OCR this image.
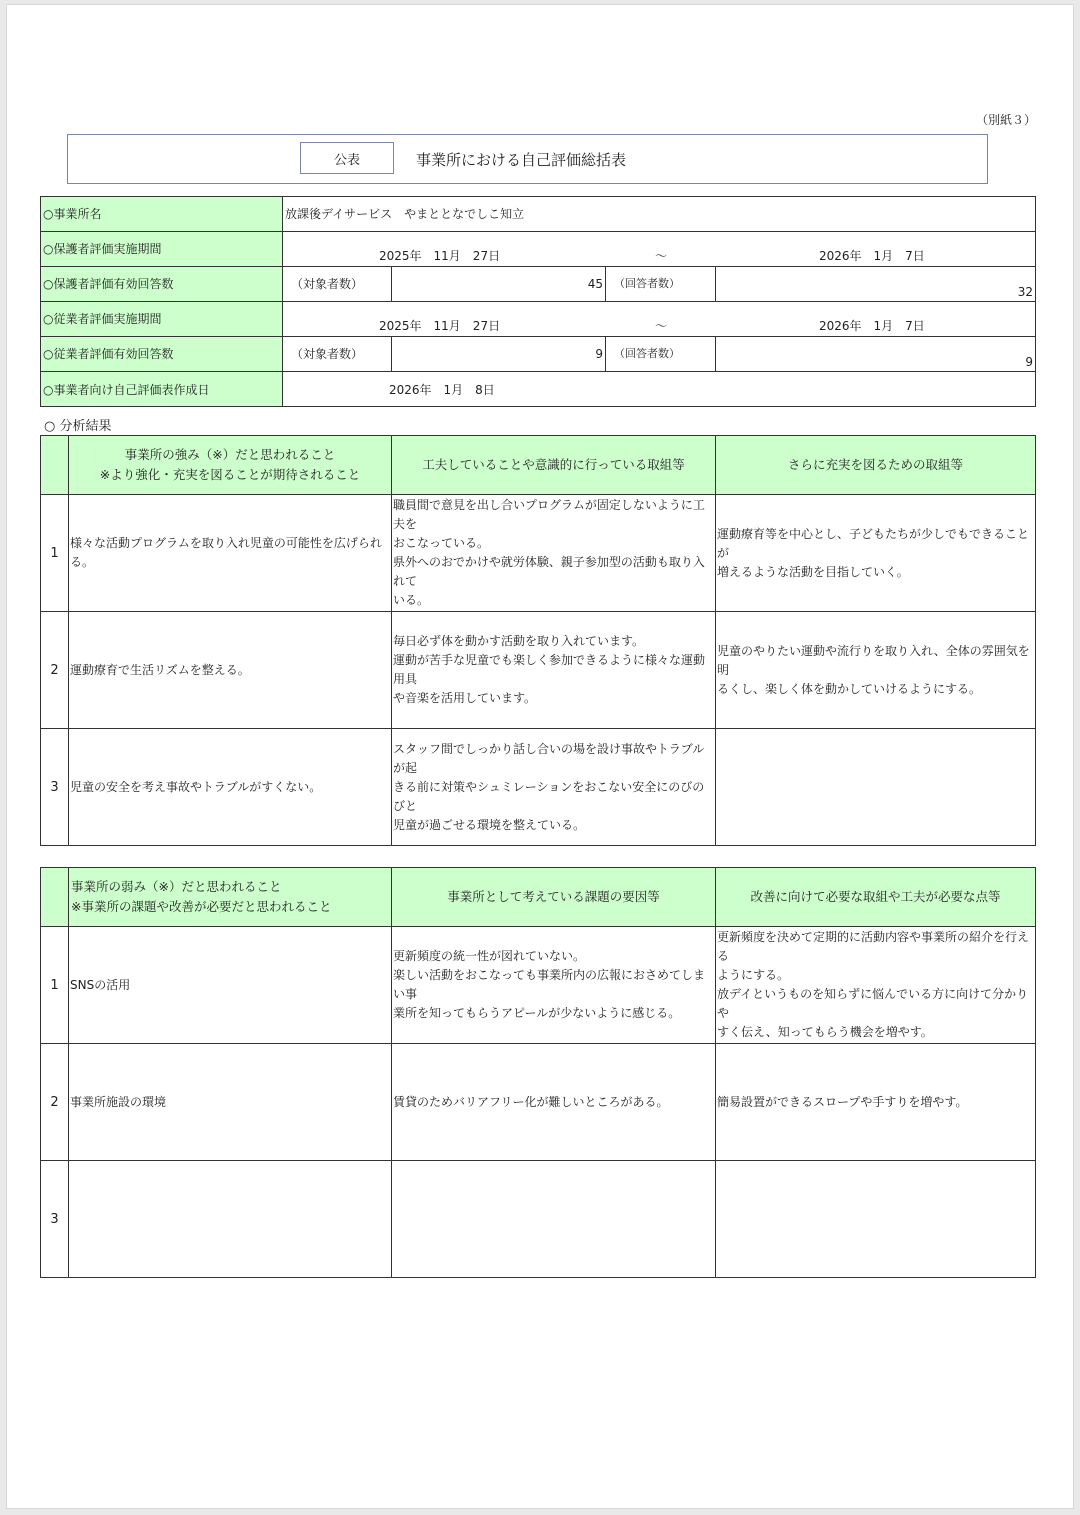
（別紙３）
公表	事業所における自己評価総括表
○事業所名	放課後デイサービス　やまととなでしこ知立			
○保護者評価実施期間	2025年　11月　27日 ～ 2026年　1月　7日			

○保護者評価有効回答数	（対象者数）	45	（回答者数）	32
○従業者評価実施期間	2025年　11月　27日 ～ 2026年　1月　7日			

○従業者評価有効回答数	（対象者数）	9	（回答者数）	9
○事業者向け自己評価表作成日	2026年　1月　8日			
○ 分析結果
	事業所の強み（※）だと思われること
※より強化・充実を図ることが期待されること	工夫していることや意識的に行っている取組等	さらに充実を図るための取組等
1	様々な活動プログラムを取り入れ児童の可能性を広げられる。	職員間で意見を出し合いプログラムが固定しないように工夫を
おこなっている。
県外へのおでかけや就労体験、親子参加型の活動も取り入れて
いる。	運動療育等を中心とし、子どもたちが少しでもできることが
増えるような活動を目指していく。
2	運動療育で生活リズムを整える。	毎日必ず体を動かす活動を取り入れています。
運動が苦手な児童でも楽しく参加できるように様々な運動用具
や音楽を活用しています。	児童のやりたい運動や流行りを取り入れ、全体の雰囲気を明
るくし、楽しく体を動かしていけるようにする。
3	児童の安全を考え事故やトラブルがすくない。	スタッフ間でしっかり話し合いの場を設け事故やトラブルが起
きる前に対策やシュミレーションをおこない安全にのびのびと
児童が過ごせる環境を整えている。	
	事業所の弱み（※）だと思われること
※事業所の課題や改善が必要だと思われること	事業所として考えている課題の要因等	改善に向けて必要な取組や工夫が必要な点等
1	SNSの活用	更新頻度の統一性が図れていない。
楽しい活動をおこなっても事業所内の広報におさめてしまい事
業所を知ってもらうアピールが少ないように感じる。	更新頻度を決めて定期的に活動内容や事業所の紹介を行える
ようにする。
放デイというものを知らずに悩んでいる方に向けて分かりや
すく伝え、知ってもらう機会を増やす。
2	事業所施設の環境	賃貸のためバリアフリー化が難しいところがある。	簡易設置ができるスロープや手すりを増やす。
3			
